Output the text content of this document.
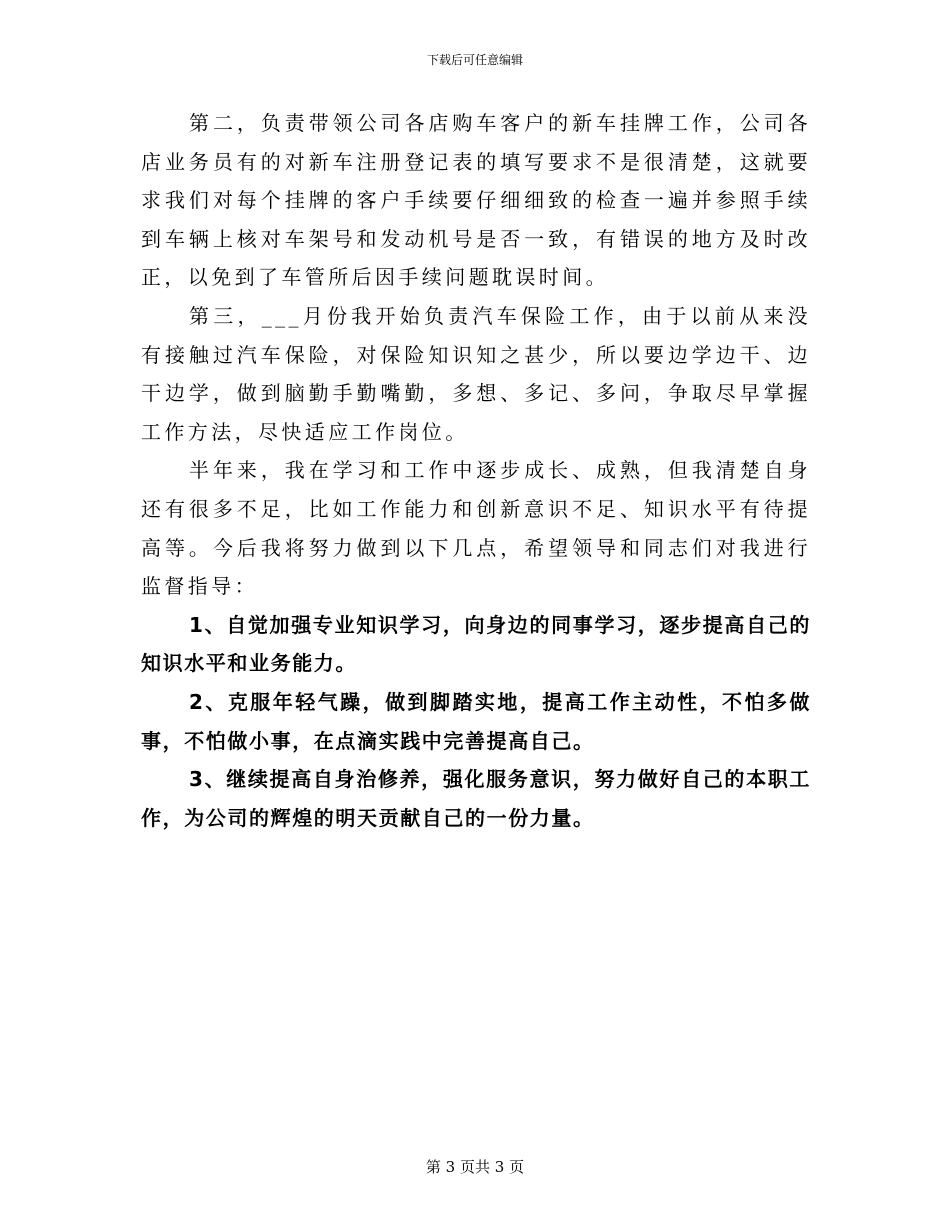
下载后可任意编辑

第二，负责带领公司各店购车客户的新车挂牌工作，公司各店业务员有的对新车注册登记表的填写要求不是很清楚，这就要求我们对每个挂牌的客户手续要仔细细致的检查一遍并参照手续到车辆上核对车架号和发动机号是否一致，有错误的地方及时改正，以免到了车管所后因手续问题耽误时间。

第三，___月份我开始负责汽车保险工作，由于以前从来没有接触过汽车保险，对保险知识知之甚少，所以要边学边干、边干边学，做到脑勤手勤嘴勤，多想、多记、多问，争取尽早掌握工作方法，尽快适应工作岗位。

半年来，我在学习和工作中逐步成长、成熟，但我清楚自身还有很多不足，比如工作能力和创新意识不足、知识水平有待提高等。今后我将努力做到以下几点，希望领导和同志们对我进行监督指导：

1、自觉加强专业知识学习，向身边的同事学习，逐步提高自己的知识水平和业务能力。

2、克服年轻气躁，做到脚踏实地，提高工作主动性，不怕多做事，不怕做小事，在点滴实践中完善提高自己。

3、继续提高自身治修养，强化服务意识，努力做好自己的本职工作，为公司的辉煌的明天贡献自己的一份力量。

第 3 页共 3 页
